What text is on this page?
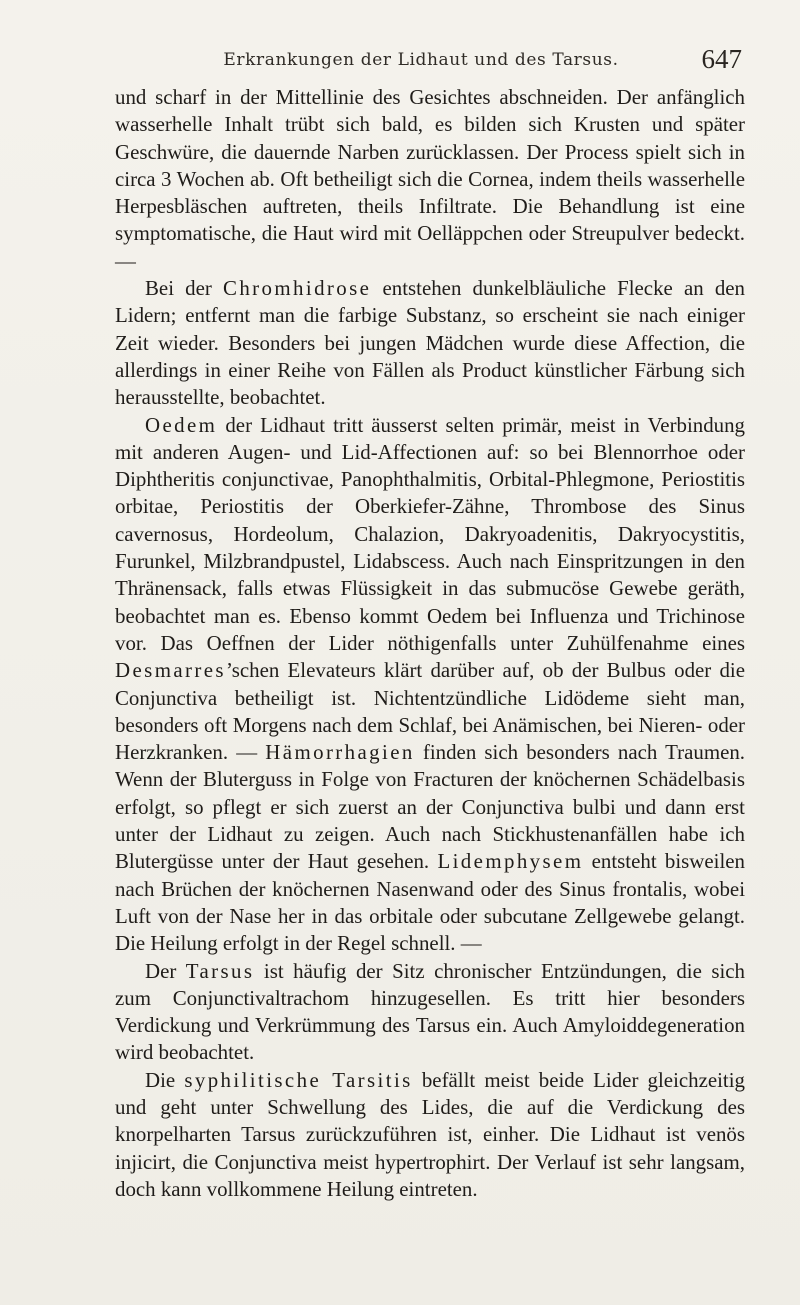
Erkrankungen der Lidhaut und des Tarsus.	647

und scharf in der Mittellinie des Gesichtes abschneiden. Der anfänglich wasserhelle Inhalt trübt sich bald, es bilden sich Krusten und später Geschwüre, die dauernde Narben zurücklassen. Der Process spielt sich in circa 3 Wochen ab. Oft betheiligt sich die Cornea, indem theils wasserhelle Herpesbläschen auftreten, theils Infiltrate. Die Behandlung ist eine symptomatische, die Haut wird mit Oelläppchen oder Streupulver bedeckt. —

Bei der Chromhidrose entstehen dunkelbläuliche Flecke an den Lidern; entfernt man die farbige Substanz, so erscheint sie nach einiger Zeit wieder. Besonders bei jungen Mädchen wurde diese Affection, die allerdings in einer Reihe von Fällen als Product künstlicher Färbung sich herausstellte, beobachtet.

Oedem der Lidhaut tritt äusserst selten primär, meist in Verbindung mit anderen Augen- und Lid-Affectionen auf: so bei Blennorrhoe oder Diphtheritis conjunctivae, Panophthalmitis, Orbital-Phlegmone, Periostitis orbitae, Periostitis der Oberkiefer-Zähne, Thrombose des Sinus cavernosus, Hordeolum, Chalazion, Dakryoadenitis, Dakryocystitis, Furunkel, Milzbrandpustel, Lidabscess. Auch nach Einspritzungen in den Thränensack, falls etwas Flüssigkeit in das submucöse Gewebe geräth, beobachtet man es. Ebenso kommt Oedem bei Influenza und Trichinose vor. Das Oeffnen der Lider nöthigenfalls unter Zuhülfenahme eines Desmarres’schen Elevateurs klärt darüber auf, ob der Bulbus oder die Conjunctiva betheiligt ist. Nichtentzündliche Lidödeme sieht man, besonders oft Morgens nach dem Schlaf, bei Anämischen, bei Nieren- oder Herzkranken. — Hämorrhagien finden sich besonders nach Traumen. Wenn der Bluterguss in Folge von Fracturen der knöchernen Schädelbasis erfolgt, so pflegt er sich zuerst an der Conjunctiva bulbi und dann erst unter der Lidhaut zu zeigen. Auch nach Stickhustenanfällen habe ich Blutergüsse unter der Haut gesehen. Lidemphysem entsteht bisweilen nach Brüchen der knöchernen Nasenwand oder des Sinus frontalis, wobei Luft von der Nase her in das orbitale oder subcutane Zellgewebe gelangt. Die Heilung erfolgt in der Regel schnell. —

Der Tarsus ist häufig der Sitz chronischer Entzündungen, die sich zum Conjunctivaltrachom hinzugesellen. Es tritt hier besonders Verdickung und Verkrümmung des Tarsus ein. Auch Amyloiddegeneration wird beobachtet.

Die syphilitische Tarsitis befällt meist beide Lider gleichzeitig und geht unter Schwellung des Lides, die auf die Verdickung des knorpelharten Tarsus zurückzuführen ist, einher. Die Lidhaut ist venös injicirt, die Conjunctiva meist hypertrophirt. Der Verlauf ist sehr langsam, doch kann vollkommene Heilung eintreten.
